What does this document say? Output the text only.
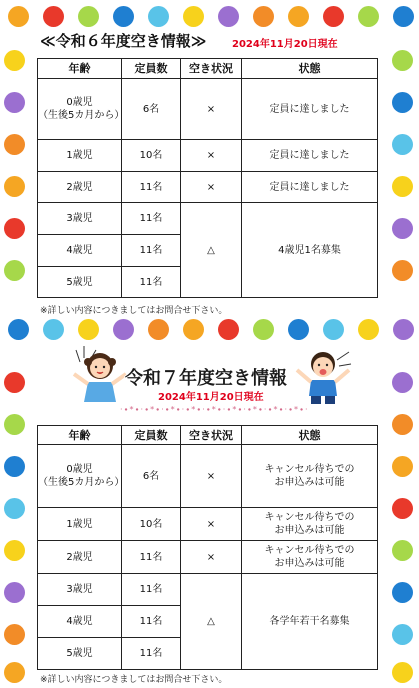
≪令和６年度空き情報≫	2024年11月20日現在
年齢	定員数	空き状況	状態
0歳児
（生後5カ月から）	6名	×	定員に達しました
1歳児	10名	×	定員に達しました
2歳児	11名	×	定員に達しました
3歳児	11名	△	4歳児1名募集
4歳児	11名		
5歳児	11名		
※詳しい内容につきましてはお問合せ下さい。
令和７年度空き情報
2024年11月20日現在
·∙*∙·∙*∙·∙*∙·∙*∙·∙*∙·∙*∙·∙*∙·∙*∙·∙*∙·
年齢	定員数	空き状況	状態
0歳児
（生後5カ月から）	6名	×	キャンセル待ちでの
お申込みは可能
1歳児	10名	×	キャンセル待ちでの
お申込みは可能
2歳児	11名	×	キャンセル待ちでの
お申込みは可能
3歳児	11名	△	各学年若干名募集
4歳児	11名		
5歳児	11名		
※詳しい内容につきましてはお問合せ下さい。
